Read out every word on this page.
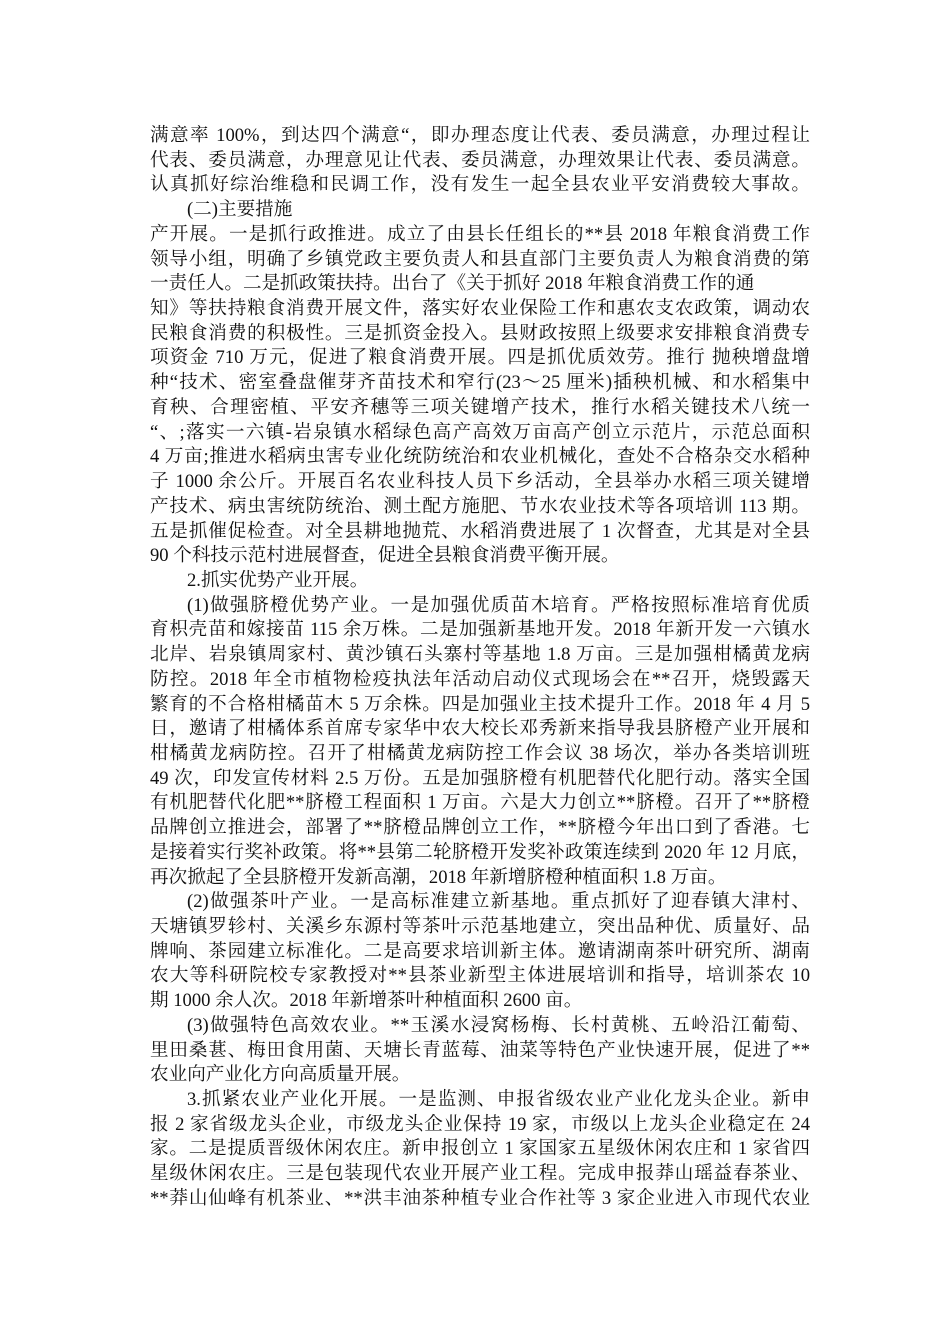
满意率 100%，到达四个满意“，即办理态度让代表、委员满意，办理过程让
代表、委员满意，办理意见让代表、委员满意，办理效果让代表、委员满意。
认真抓好综治维稳和民调工作，没有发生一起全县农业平安消费较大事故。
(二)主要措施
产开展。一是抓行政推进。成立了由县长任组长的**县 2018 年粮食消费工作
领导小组，明确了乡镇党政主要负责人和县直部门主要负责人为粮食消费的第
一责任人。二是抓政策扶持。出台了《关于抓好 2018 年粮食消费工作的通
知》等扶持粮食消费开展文件，落实好农业保险工作和惠农支农政策，调动农
民粮食消费的积极性。三是抓资金投入。县财政按照上级要求安排粮食消费专
项资金 710 万元，促进了粮食消费开展。四是抓优质效劳。推行 抛秧增盘增
种“技术、密室叠盘催芽齐苗技术和窄行(23～25 厘米)插秧机械、和水稻集中
育秧、合理密植、平安齐穗等三项关键增产技术，推行水稻关键技术八统一
“、;落实一六镇-岩泉镇水稻绿色高产高效万亩高产创立示范片，示范总面积
4 万亩;推进水稻病虫害专业化统防统治和农业机械化，查处不合格杂交水稻种
子 1000 余公斤。开展百名农业科技人员下乡活动，全县举办水稻三项关键增
产技术、病虫害统防统治、测土配方施肥、节水农业技术等各项培训 113 期。
五是抓催促检查。对全县耕地抛荒、水稻消费进展了 1 次督查，尤其是对全县
90 个科技示范村进展督查，促进全县粮食消费平衡开展。
2.抓实优势产业开展。
(1)做强脐橙优势产业。一是加强优质苗木培育。严格按照标准培育优质
育枳壳苗和嫁接苗 115 余万株。二是加强新基地开发。2018 年新开发一六镇水
北岸、岩泉镇周家村、黄沙镇石头寨村等基地 1.8 万亩。三是加强柑橘黄龙病
防控。2018 年全市植物检疫执法年活动启动仪式现场会在**召开，烧毁露天
繁育的不合格柑橘苗木 5 万余株。四是加强业主技术提升工作。2018 年 4 月 5
日，邀请了柑橘体系首席专家华中农大校长邓秀新来指导我县脐橙产业开展和
柑橘黄龙病防控。召开了柑橘黄龙病防控工作会议 38 场次，举办各类培训班
49 次，印发宣传材料 2.5 万份。五是加强脐橙有机肥替代化肥行动。落实全国
有机肥替代化肥**脐橙工程面积 1 万亩。六是大力创立**脐橙。召开了**脐橙
品牌创立推进会，部署了**脐橙品牌创立工作，**脐橙今年出口到了香港。七
是接着实行奖补政策。将**县第二轮脐橙开发奖补政策连续到 2020 年 12 月底，
再次掀起了全县脐橙开发新高潮，2018 年新增脐橙种植面积 1.8 万亩。
(2)做强茶叶产业。一是高标准建立新基地。重点抓好了迎春镇大津村、
天塘镇罗轸村、关溪乡东源村等茶叶示范基地建立，突出品种优、质量好、品
牌响、茶园建立标准化。二是高要求培训新主体。邀请湖南茶叶研究所、湖南
农大等科研院校专家教授对**县茶业新型主体进展培训和指导，培训茶农 10
期 1000 余人次。2018 年新增茶叶种植面积 2600 亩。
(3)做强特色高效农业。**玉溪水浸窝杨梅、长村黄桃、五岭沿江葡萄、
里田桑葚、梅田食用菌、天塘长青蓝莓、油菜等特色产业快速开展，促进了**
农业向产业化方向高质量开展。
3.抓紧农业产业化开展。一是监测、申报省级农业产业化龙头企业。新申
报 2 家省级龙头企业，市级龙头企业保持 19 家，市级以上龙头企业稳定在 24
家。二是提质晋级休闲农庄。新申报创立 1 家国家五星级休闲农庄和 1 家省四
星级休闲农庄。三是包装现代农业开展产业工程。完成申报莽山瑶益春茶业、
**莽山仙峰有机茶业、**洪丰油茶种植专业合作社等 3 家企业进入市现代农业
